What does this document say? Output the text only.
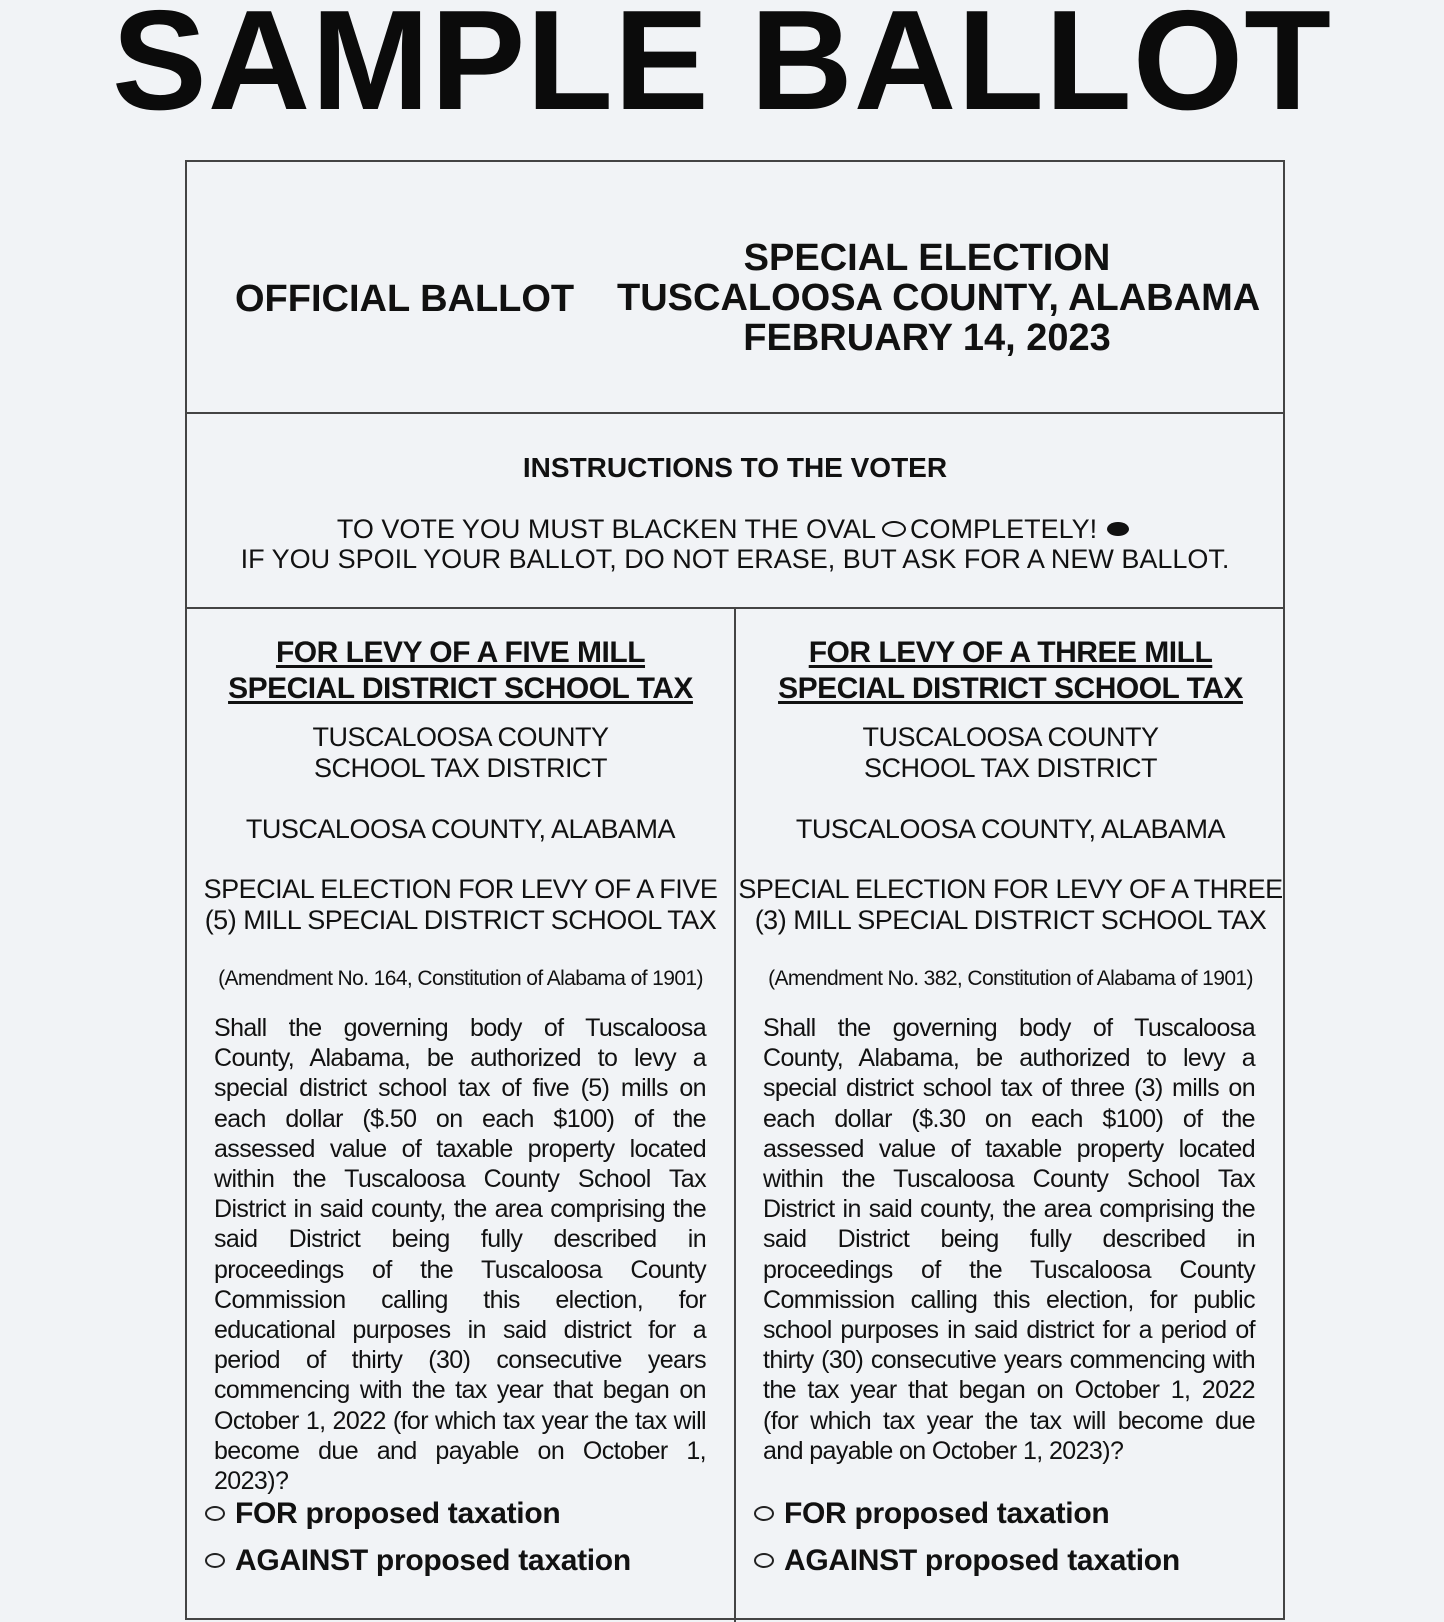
SAMPLE BALLOT
OFFICIAL BALLOT
SPECIAL ELECTION
TUSCALOOSA COUNTY, ALABAMA
FEBRUARY 14, 2023
INSTRUCTIONS TO THE VOTER
TO VOTE YOU MUST BLACKEN THE OVAL COMPLETELY!
IF YOU SPOIL YOUR BALLOT, DO NOT ERASE, BUT ASK FOR A NEW BALLOT.
FOR LEVY OF A FIVE MILL
SPECIAL DISTRICT SCHOOL TAX
TUSCALOOSA COUNTY
SCHOOL TAX DISTRICT
TUSCALOOSA COUNTY, ALABAMA
SPECIAL ELECTION FOR LEVY OF A FIVE
(5) MILL SPECIAL DISTRICT SCHOOL TAX
(Amendment No. 164, Constitution of Alabama of 1901)
Shall the governing body of Tuscaloosa County, Alabama, be authorized to levy a special district school tax of five (5) mills on each dollar ($.50 on each $100) of the assessed value of taxable property located within the Tuscaloosa County School Tax District in said county, the area comprising the said District being fully described in proceedings of the Tuscaloosa County Commission calling this election, for educational purposes in said district for a period of thirty (30) consecutive years commencing with the tax year that began on October 1, 2022 (for which tax year the tax will become due and payable on October 1, 2023)?
FOR proposed taxation
AGAINST proposed taxation
FOR LEVY OF A THREE MILL
SPECIAL DISTRICT SCHOOL TAX
TUSCALOOSA COUNTY
SCHOOL TAX DISTRICT
TUSCALOOSA COUNTY, ALABAMA
SPECIAL ELECTION FOR LEVY OF A THREE
(3) MILL SPECIAL DISTRICT SCHOOL TAX
(Amendment No. 382, Constitution of Alabama of 1901)
Shall the governing body of Tuscaloosa County, Alabama, be authorized to levy a special district school tax of three (3) mills on each dollar ($.30 on each $100) of the assessed value of taxable property located within the Tuscaloosa County School Tax District in said county, the area comprising the said District being fully described in proceedings of the Tuscaloosa County Commission calling this election, for public school purposes in said district for a period of thirty (30) consecutive years commencing with the tax year that began on October 1, 2022 (for which tax year the tax will become due and payable on October 1, 2023)?
FOR proposed taxation
AGAINST proposed taxation
